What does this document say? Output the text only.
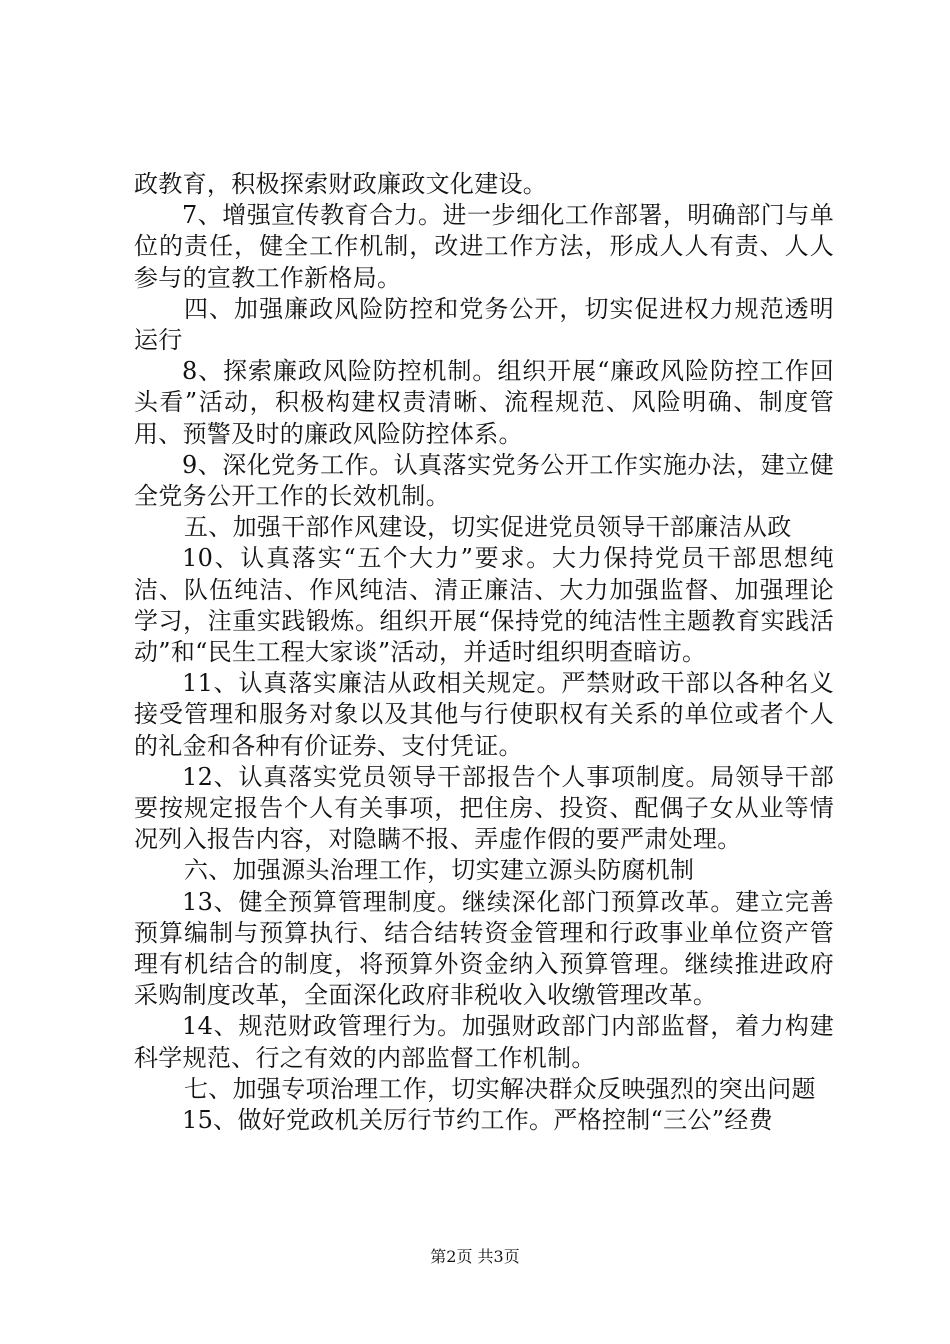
政教育，积极探索财政廉政文化建设。

7、增强宣传教育合力。进一步细化工作部署，明确部门与单位的责任，健全工作机制，改进工作方法，形成人人有责、人人参与的宣教工作新格局。

四、加强廉政风险防控和党务公开，切实促进权力规范透明运行

8、探索廉政风险防控机制。组织开展“廉政风险防控工作回头看”活动，积极构建权责清晰、流程规范、风险明确、制度管用、预警及时的廉政风险防控体系。

9、深化党务工作。认真落实党务公开工作实施办法，建立健全党务公开工作的长效机制。

五、加强干部作风建设，切实促进党员领导干部廉洁从政

10、认真落实“五个大力”要求。大力保持党员干部思想纯洁、队伍纯洁、作风纯洁、清正廉洁、大力加强监督、加强理论学习，注重实践锻炼。组织开展“保持党的纯洁性主题教育实践活动”和“民生工程大家谈”活动，并适时组织明查暗访。

11、认真落实廉洁从政相关规定。严禁财政干部以各种名义接受管理和服务对象以及其他与行使职权有关系的单位或者个人的礼金和各种有价证券、支付凭证。

12、认真落实党员领导干部报告个人事项制度。局领导干部要按规定报告个人有关事项，把住房、投资、配偶子女从业等情况列入报告内容，对隐瞒不报、弄虚作假的要严肃处理。

六、加强源头治理工作，切实建立源头防腐机制

13、健全预算管理制度。继续深化部门预算改革。建立完善预算编制与预算执行、结合结转资金管理和行政事业单位资产管理有机结合的制度，将预算外资金纳入预算管理。继续推进政府采购制度改革，全面深化政府非税收入收缴管理改革。

14、规范财政管理行为。加强财政部门内部监督，着力构建科学规范、行之有效的内部监督工作机制。

七、加强专项治理工作，切实解决群众反映强烈的突出问题

15、做好党政机关厉行节约工作。严格控制“三公”经费

第2页 共3页
